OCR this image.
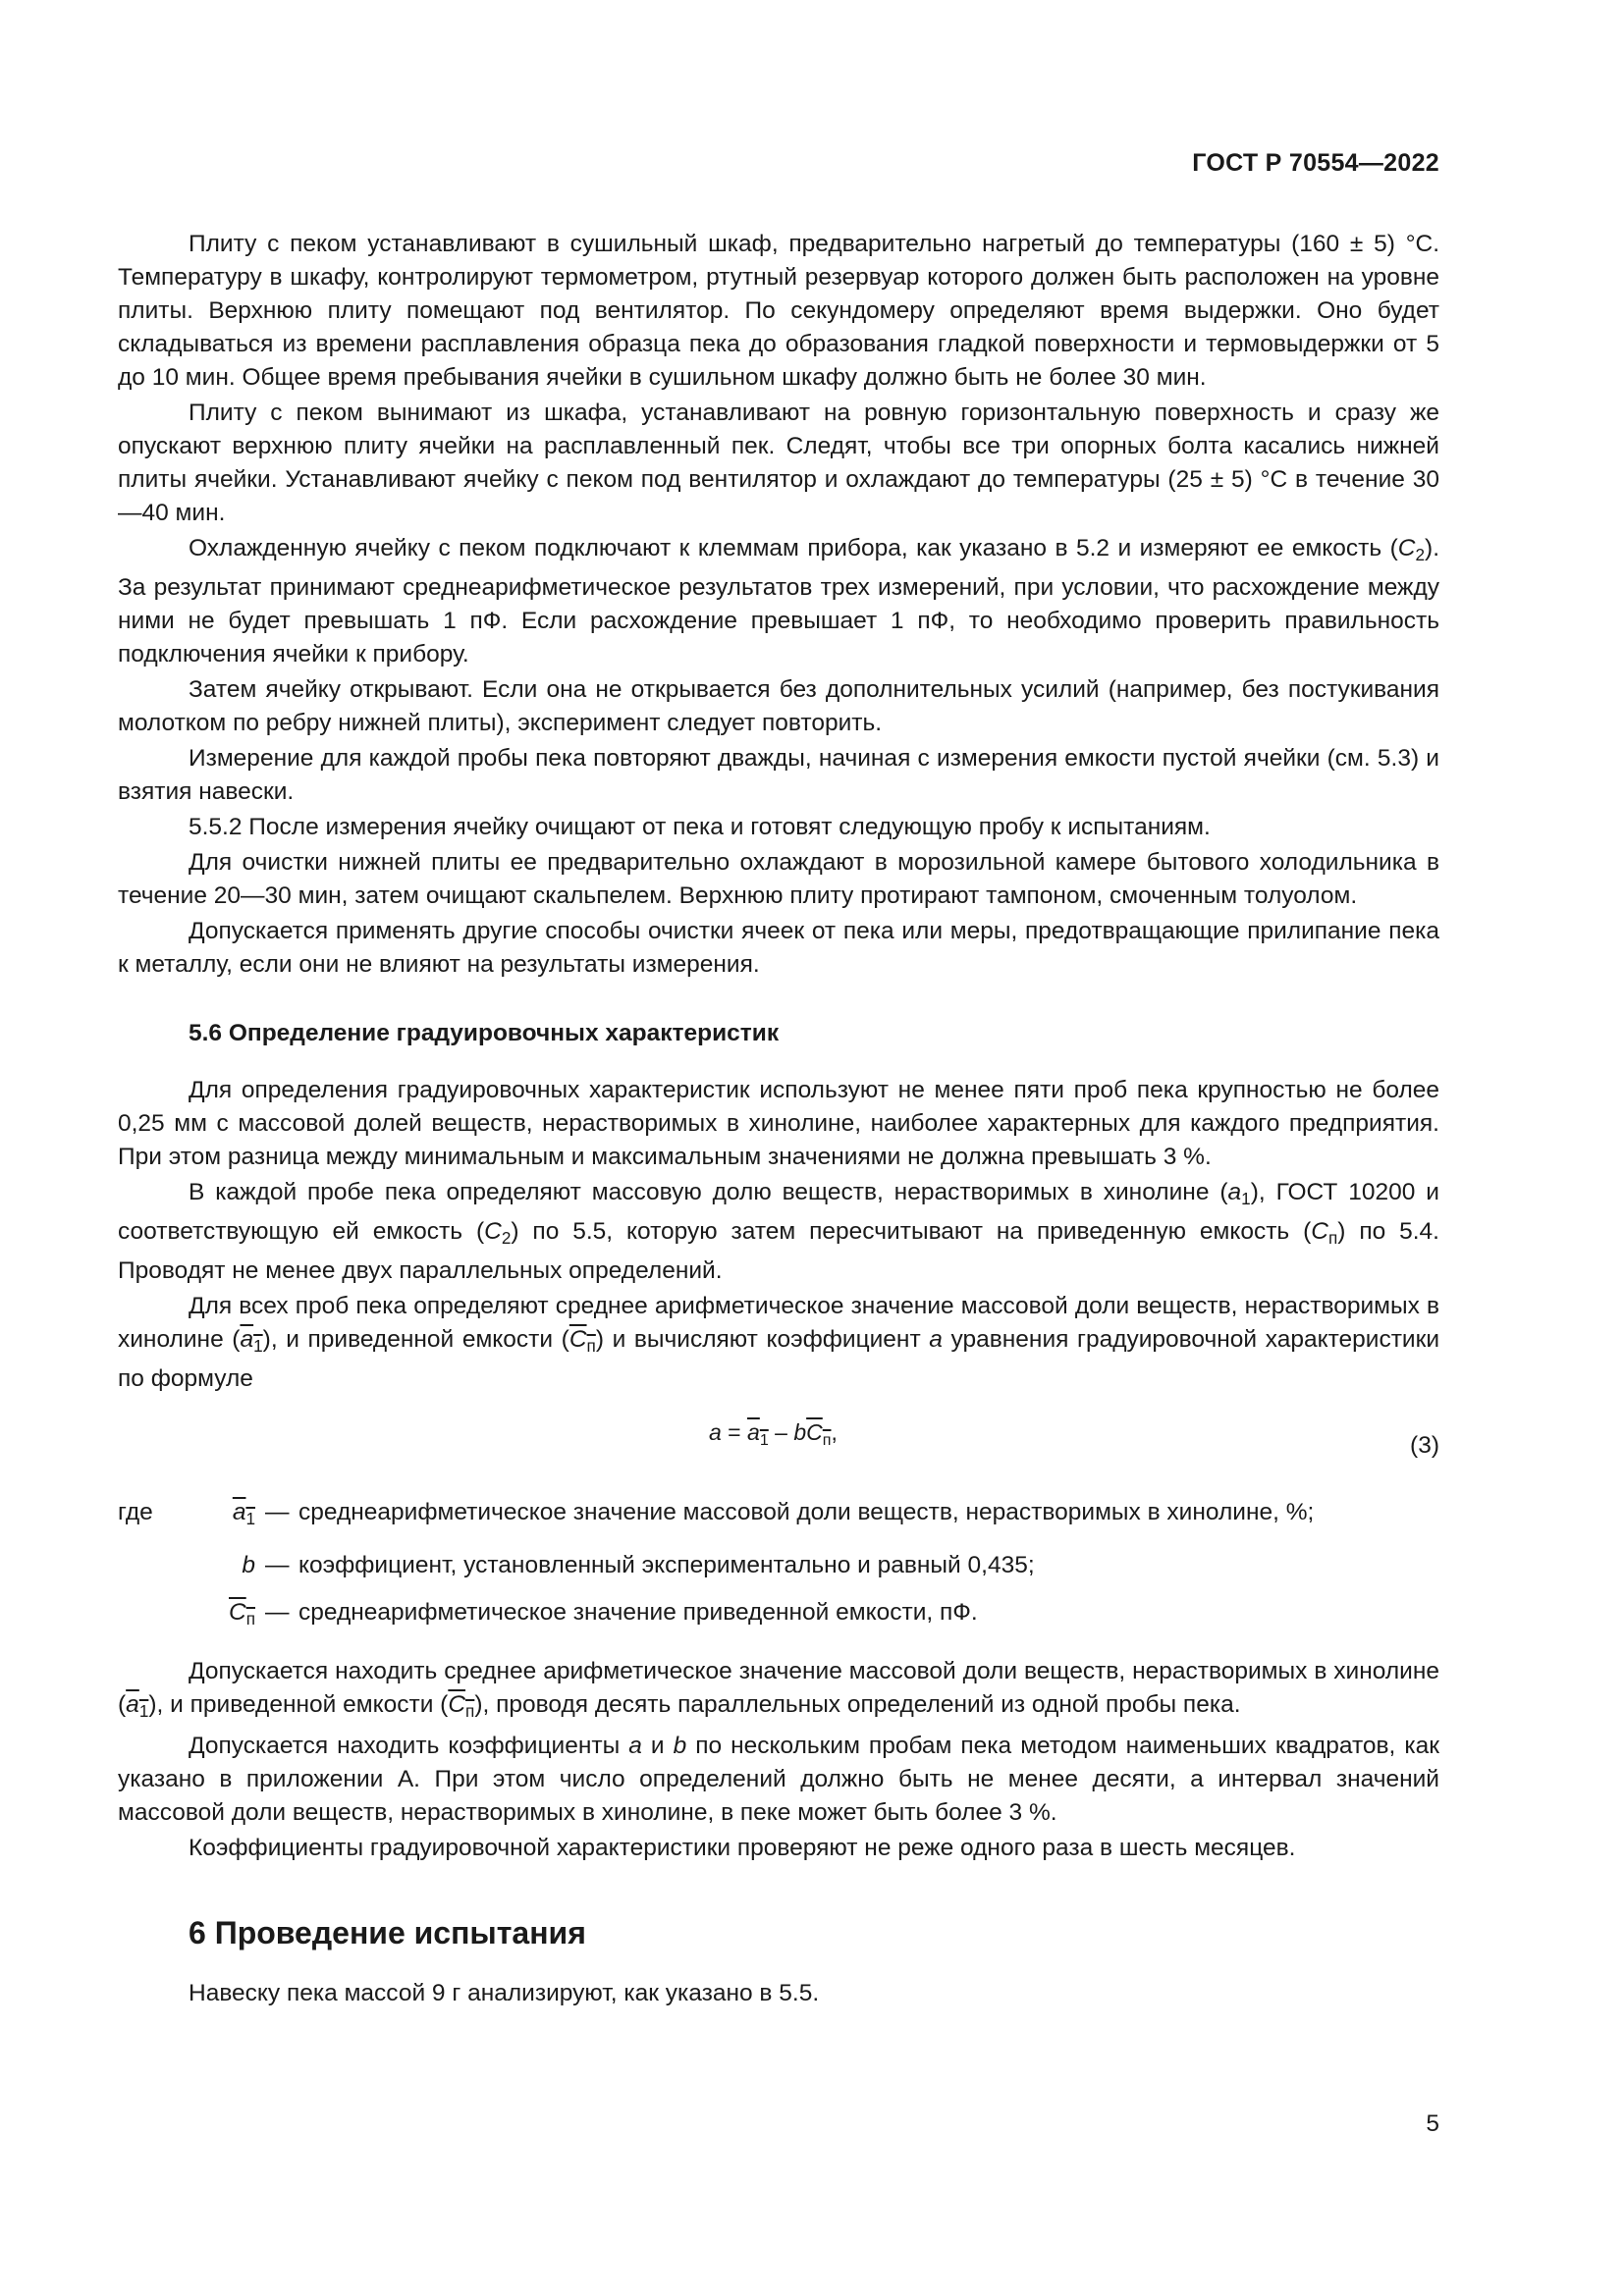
ГОСТ Р 70554—2022

Плиту с пеком устанавливают в сушильный шкаф, предварительно нагретый до температуры (160 ± 5) °С. Температуру в шкафу, контролируют термометром, ртутный резервуар которого должен быть расположен на уровне плиты. Верхнюю плиту помещают под вентилятор. По секундомеру определяют время выдержки. Оно будет складываться из времени расплавления образца пека до образования гладкой поверхности и термовыдержки от 5 до 10 мин. Общее время пребывания ячейки в сушильном шкафу должно быть не более 30 мин.

Плиту с пеком вынимают из шкафа, устанавливают на ровную горизонтальную поверхность и сразу же опускают верхнюю плиту ячейки на расплавленный пек. Следят, чтобы все три опорных болта касались нижней плиты ячейки. Устанавливают ячейку с пеком под вентилятор и охлаждают до температуры (25 ± 5) °С в течение 30—40 мин.

Охлажденную ячейку с пеком подключают к клеммам прибора, как указано в 5.2 и измеряют ее емкость $(C_2)$. За результат принимают среднеарифметическое результатов трех измерений, при условии, что расхождение между ними не будет превышать 1 пФ. Если расхождение превышает 1 пФ, то необходимо проверить правильность подключения ячейки к прибору.

Затем ячейку открывают. Если она не открывается без дополнительных усилий (например, без постукивания молотком по ребру нижней плиты), эксперимент следует повторить.

Измерение для каждой пробы пека повторяют дважды, начиная с измерения емкости пустой ячейки (см. 5.3) и взятия навески.

5.5.2 После измерения ячейку очищают от пека и готовят следующую пробу к испытаниям.

Для очистки нижней плиты ее предварительно охлаждают в морозильной камере бытового холодильника в течение 20—30 мин, затем очищают скальпелем. Верхнюю плиту протирают тампоном, смоченным толуолом.

Допускается применять другие способы очистки ячеек от пека или меры, предотвращающие прилипание пека к металлу, если они не влияют на результаты измерения.

5.6 Определение градуировочных характеристик

Для определения градуировочных характеристик используют не менее пяти проб пека крупностью не более 0,25 мм с массовой долей веществ, нерастворимых в хинолине, наиболее характерных для каждого предприятия. При этом разница между минимальным и максимальным значениями не должна превышать 3 %.

В каждой пробе пека определяют массовую долю веществ, нерастворимых в хинолине $(a_1)$, ГОСТ 10200 и соответствующую ей емкость $(C_2)$ по 5.5, которую затем пересчитывают на приведенную емкость $(C_п)$ по 5.4. Проводят не менее двух параллельных определений.

Для всех проб пека определяют среднее арифметическое значение массовой доли веществ, нерастворимых в хинолине $(a_1)$, и приведенной емкости $(C_п)$ и вычисляют коэффициент a уравнения градуировочной характеристики по формуле

$a = a_1 - bC_п$,	(3)
где	$a_1$ — среднеарифметическое значение массовой доли веществ, нерастворимых в хинолине, %;
b — коэффициент, установленный экспериментально и равный 0,435;
$C_п$ — среднеарифметическое значение приведенной емкости, пФ.

Допускается находить среднее арифметическое значение массовой доли веществ, нерастворимых в хинолине $(a_1)$, и приведенной емкости $(C_п)$, проводя десять параллельных определений из одной пробы пека.

Допускается находить коэффициенты a и b по нескольким пробам пека методом наименьших квадратов, как указано в приложении А. При этом число определений должно быть не менее десяти, а интервал значений массовой доли веществ, нерастворимых в хинолине, в пеке может быть более 3 %.

Коэффициенты градуировочной характеристики проверяют не реже одного раза в шесть месяцев.

6 Проведение испытания

Навеску пека массой 9 г анализируют, как указано в 5.5.

5
